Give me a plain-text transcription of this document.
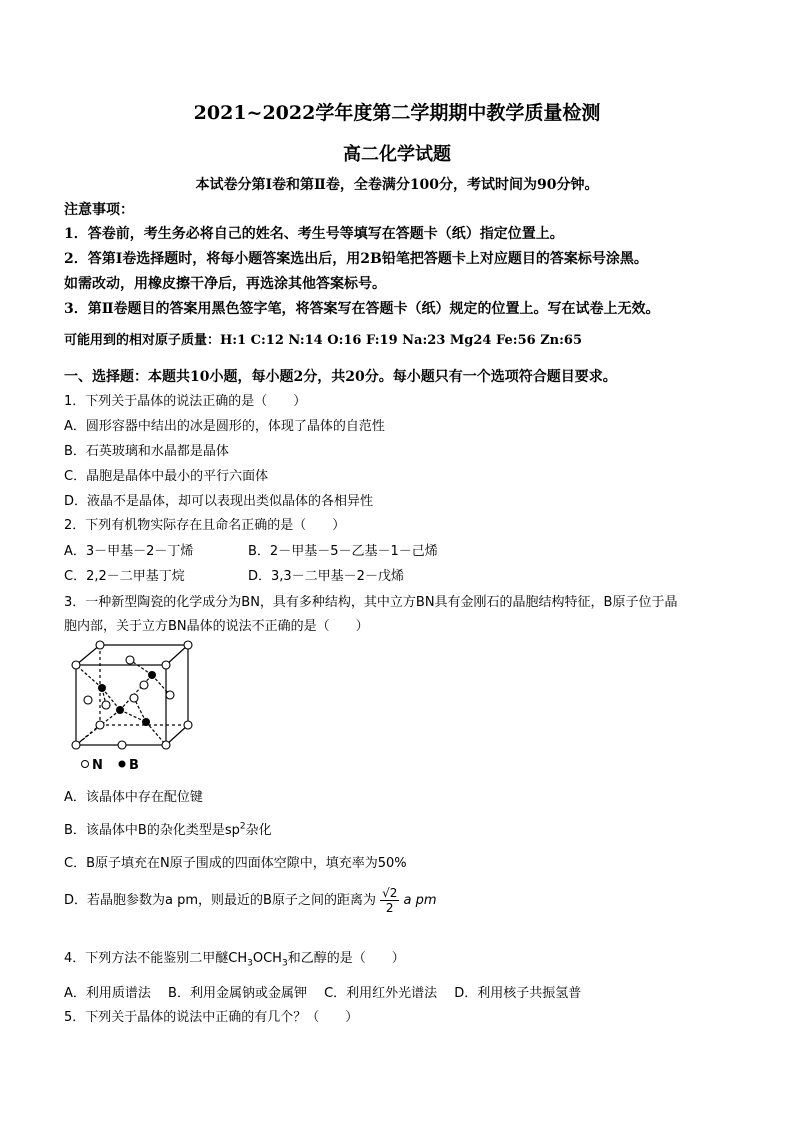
2021~2022学年度第二学期期中教学质量检测
高二化学试题
本试卷分第Ⅰ卷和第Ⅱ卷，全卷满分100分，考试时间为90分钟。
注意事项：
1．答卷前，考生务必将自己的姓名、考生号等填写在答题卡（纸）指定位置上。
2．答第Ⅰ卷选择题时，将每小题答案选出后，用2B铅笔把答题卡上对应题目的答案标号涂黑。
如需改动，用橡皮擦干净后，再选涂其他答案标号。
3．第Ⅱ卷题目的答案用黑色签字笔，将答案写在答题卡（纸）规定的位置上。写在试卷上无效。
可能用到的相对原子质量：H:1 C:12 N:14 O:16 F:19 Na:23 Mg24 Fe:56 Zn:65
一、选择题：本题共10小题，每小题2分，共20分。每小题只有一个选项符合题目要求。
1．下列关于晶体的说法正确的是（　　）
A．圆形容器中结出的冰是圆形的，体现了晶体的自范性
B．石英玻璃和水晶都是晶体
C．晶胞是晶体中最小的平行六面体
D．液晶不是晶体，却可以表现出类似晶体的各相异性
2．下列有机物实际存在且命名正确的是（　　）
A．3－甲基－2－丁烯	B．2－甲基－5－乙基－1－己烯
C．2,2－二甲基丁烷	D．3,3－二甲基－2－戊烯
3．一种新型陶瓷的化学成分为BN，具有多种结构，其中立方BN具有金刚石的晶胞结构特征，B原子位于晶
胞内部，关于立方BN晶体的说法不正确的是（　　）
N B
A．该晶体中存在配位键
B．该晶体中B的杂化类型是$sp^2$杂化
C．B原子填充在N原子围成的四面体空隙中，填充率为50%
D．若晶胞参数为a pm，则最近的B原子之间的距离为 $\frac{√2}{2}$ a pm
4．下列方法不能鉴别二甲醚$CH_3OCH_3$和乙醇的是（　　）
A．利用质谱法　 B．利用金属钠或金属钾　 C．利用红外光谱法　 D．利用核子共振氢普
5．下列关于晶体的说法中正确的有几个？（　　）
